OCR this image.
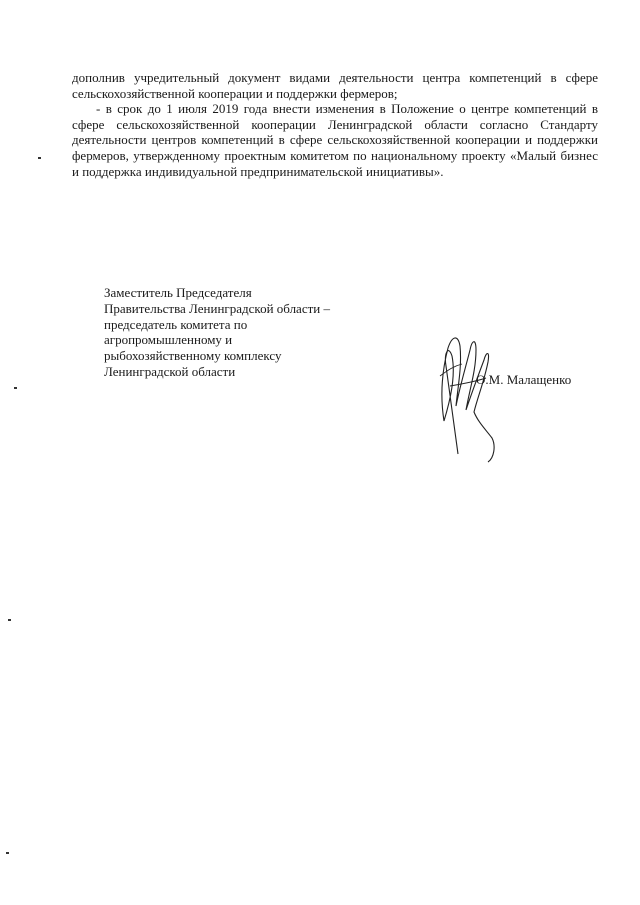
дополнив учредительный документ видами деятельности центра компетенций в сфере сельскохозяйственной кооперации и поддержки фермеров;

- в срок до 1 июля 2019 года внести изменения в Положение о центре компетенций в сфере сельскохозяйственной кооперации Ленинградской области согласно Стандарту деятельности центров компетенций в сфере сельскохозяйственной кооперации и поддержки фермеров, утвержденному проектным комитетом по национальному проекту «Малый бизнес и поддержка индивидуальной предпринимательской инициативы».

Заместитель Председателя
Правительства Ленинградской области –
председатель комитета по
агропромышленному и
рыбохозяйственному комплексу
Ленинградской области
О.М. Малащенко
